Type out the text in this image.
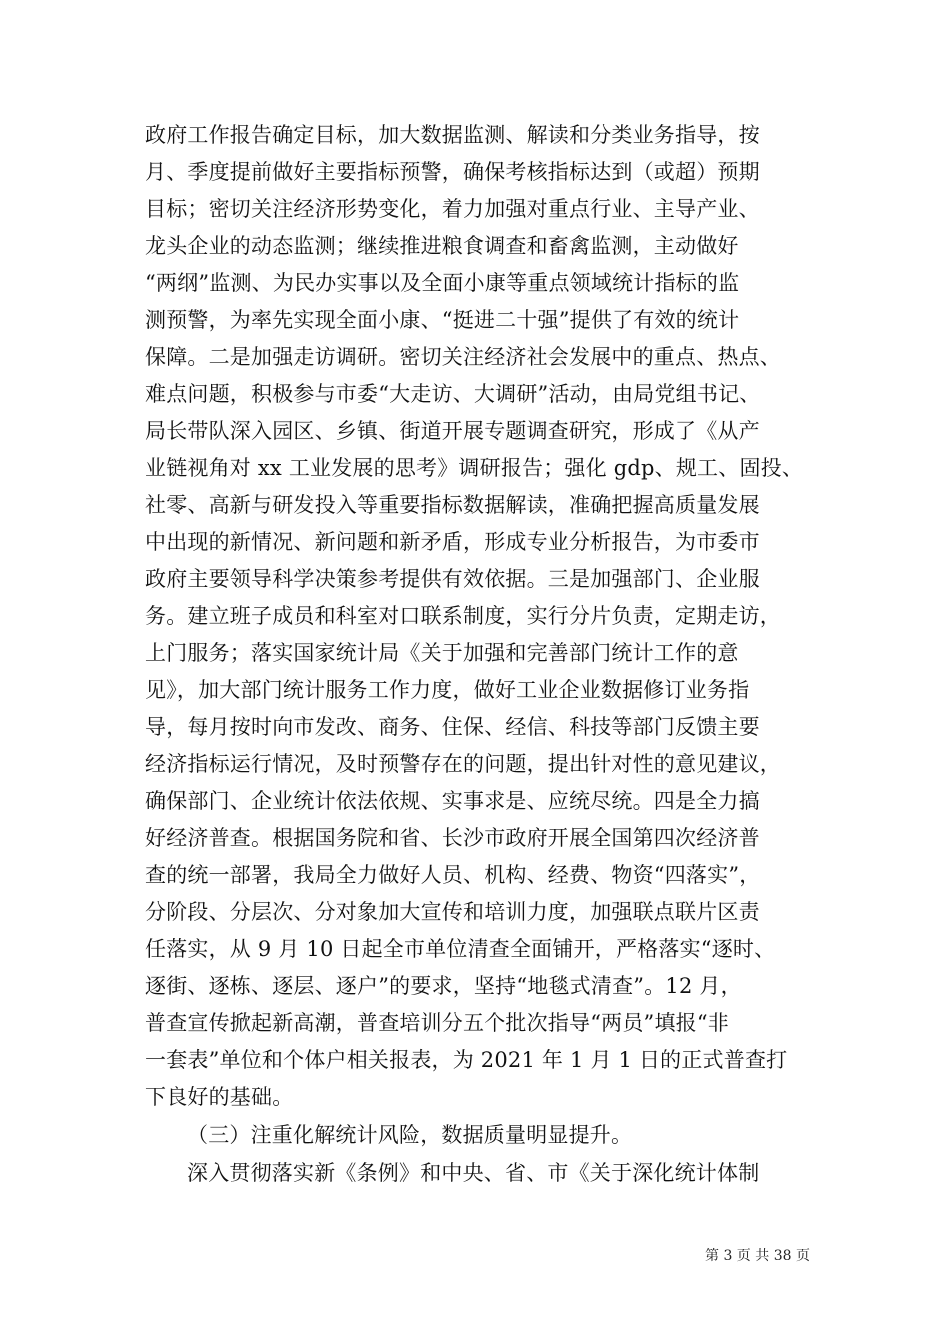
政府工作报告确定目标，加大数据监测、解读和分类业务指导，按
月、季度提前做好主要指标预警，确保考核指标达到（或超）预期
目标；密切关注经济形势变化，着力加强对重点行业、主导产业、
龙头企业的动态监测；继续推进粮食调查和畜禽监测，主动做好
“两纲”监测、为民办实事以及全面小康等重点领域统计指标的监
测预警，为率先实现全面小康、“挺进二十强”提供了有效的统计
保障。二是加强走访调研。密切关注经济社会发展中的重点、热点、
难点问题，积极参与市委“大走访、大调研”活动，由局党组书记、
局长带队深入园区、乡镇、街道开展专题调查研究，形成了《从产
业链视角对 xx 工业发展的思考》调研报告；强化 gdp、规工、固投、
社零、高新与研发投入等重要指标数据解读，准确把握高质量发展
中出现的新情况、新问题和新矛盾，形成专业分析报告，为市委市
政府主要领导科学决策参考提供有效依据。三是加强部门、企业服
务。建立班子成员和科室对口联系制度，实行分片负责，定期走访，
上门服务；落实国家统计局《关于加强和完善部门统计工作的意
见》，加大部门统计服务工作力度，做好工业企业数据修订业务指
导，每月按时向市发改、商务、住保、经信、科技等部门反馈主要
经济指标运行情况，及时预警存在的问题，提出针对性的意见建议，
确保部门、企业统计依法依规、实事求是、应统尽统。四是全力搞
好经济普查。根据国务院和省、长沙市政府开展全国第四次经济普
查的统一部署，我局全力做好人员、机构、经费、物资“四落实”，
分阶段、分层次、分对象加大宣传和培训力度，加强联点联片区责
任落实，从 9 月 10 日起全市单位清查全面铺开，严格落实“逐时、
逐街、逐栋、逐层、逐户”的要求，坚持“地毯式清查”。12 月，
普查宣传掀起新高潮，普查培训分五个批次指导“两员”填报“非
一套表”单位和个体户相关报表，为 2021 年 1 月 1 日的正式普查打
下良好的基础。
（三）注重化解统计风险，数据质量明显提升。
深入贯彻落实新《条例》和中央、省、市《关于深化统计体制
第 3 页 共 38 页
